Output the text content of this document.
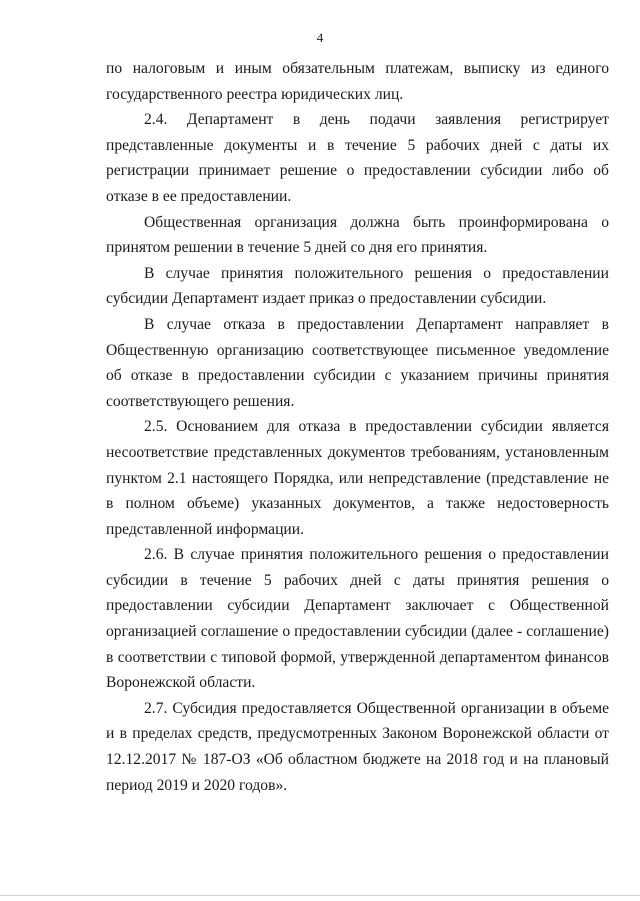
4

по налоговым и иным обязательным платежам, выписку из единого государственного реестра юридических лиц.

2.4. Департамент в день подачи заявления регистрирует представленные документы и в течение 5 рабочих дней с даты их регистрации принимает решение о предоставлении субсидии либо об отказе в ее предоставлении.

Общественная организация должна быть проинформирована о принятом решении в течение 5 дней со дня его принятия.

В случае принятия положительного решения о предоставлении субсидии Департамент издает приказ о предоставлении субсидии.

В случае отказа в предоставлении Департамент направляет в Общественную организацию соответствующее письменное уведомление об отказе в предоставлении субсидии с указанием причины принятия соответствующего решения.

2.5. Основанием для отказа в предоставлении субсидии является несоответствие представленных документов требованиям, установленным пунктом 2.1 настоящего Порядка, или непредставление (представление не в полном объеме) указанных документов, а также недостоверность представленной информации.

2.6. В случае принятия положительного решения о предоставлении субсидии в течение 5 рабочих дней с даты принятия решения о предоставлении субсидии Департамент заключает с Общественной организацией соглашение о предоставлении субсидии (далее - соглашение) в соответствии с типовой формой, утвержденной департаментом финансов Воронежской области.

2.7. Субсидия предоставляется Общественной организации в объеме и в пределах средств, предусмотренных Законом Воронежской области от 12.12.2017 № 187-ОЗ «Об областном бюджете на 2018 год и на плановый период 2019 и 2020 годов».
